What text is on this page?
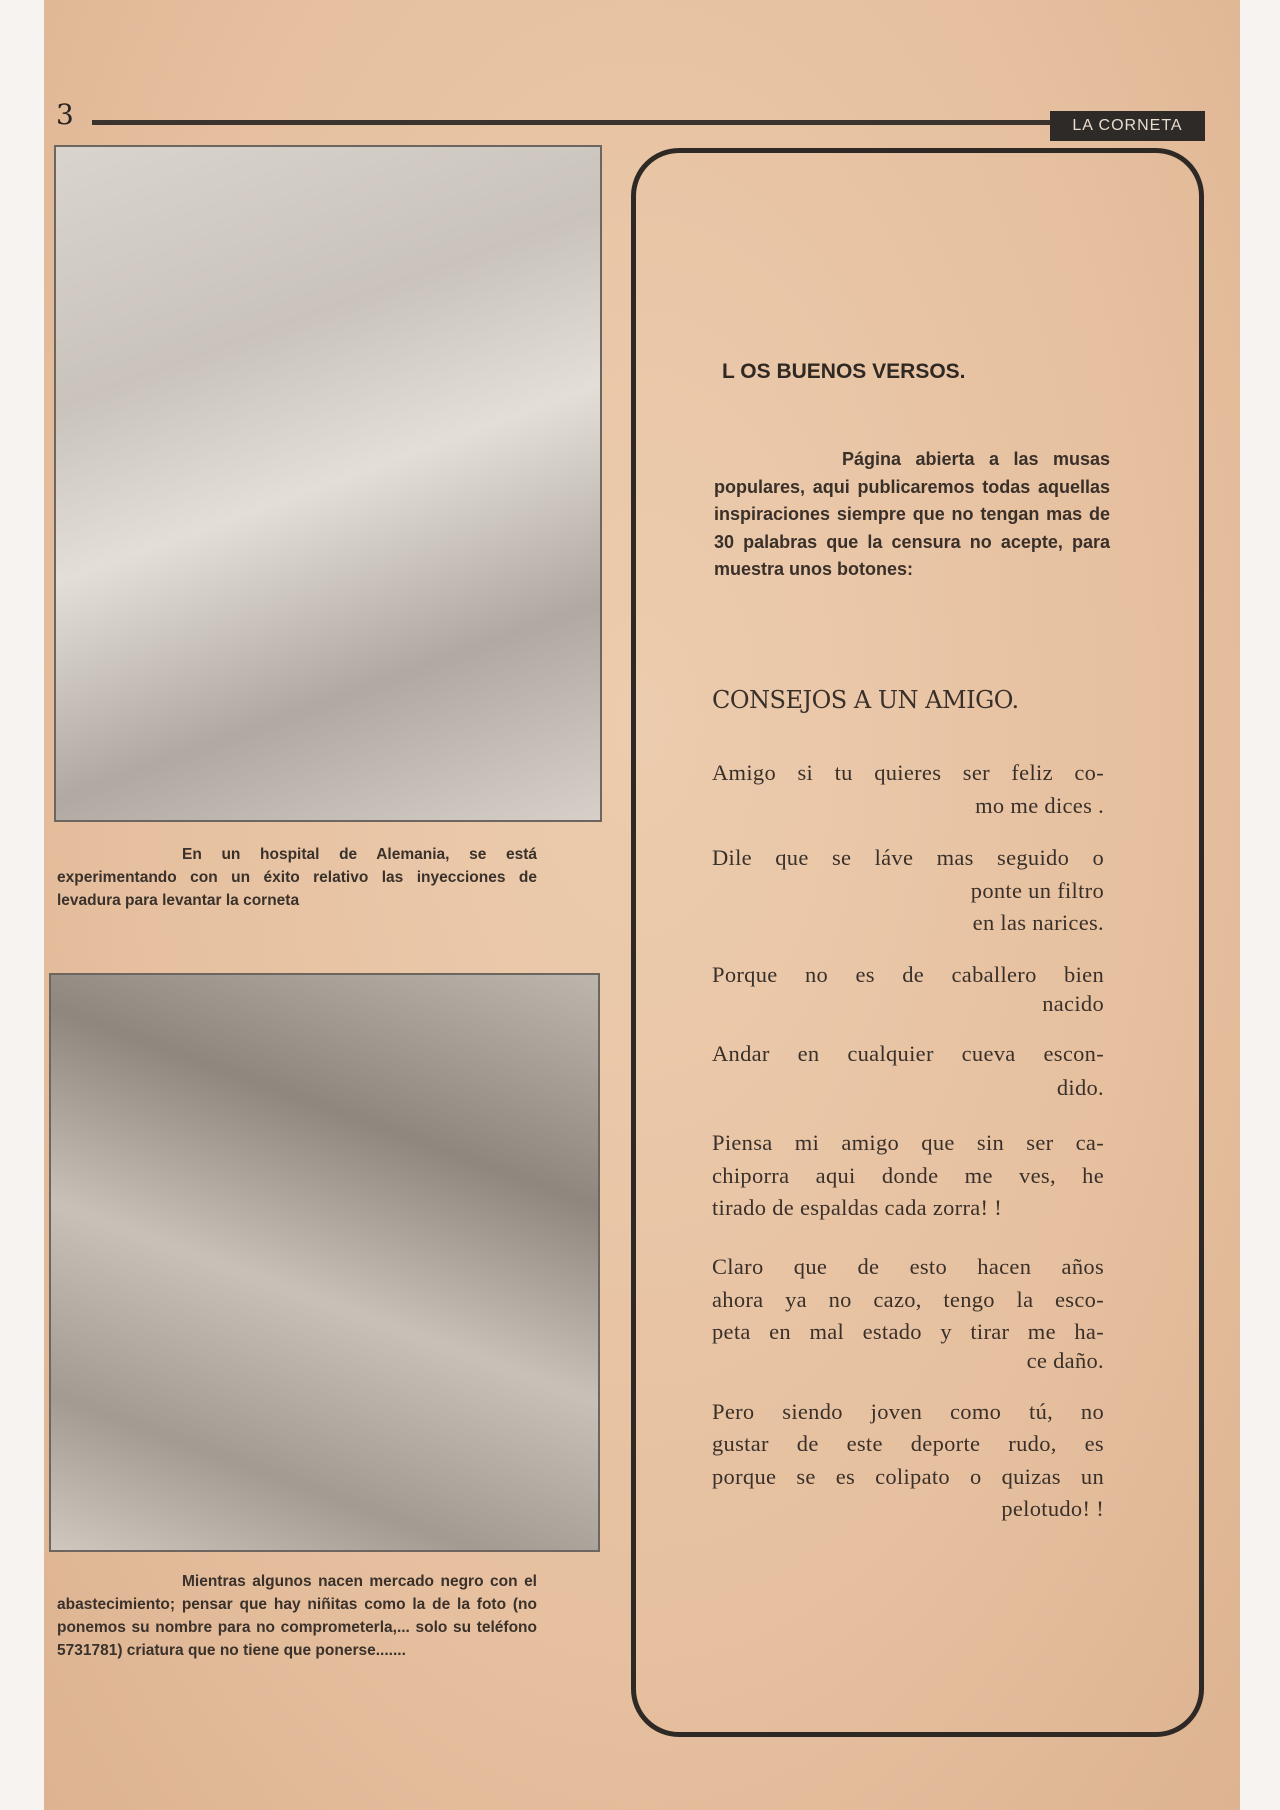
3	LA CORNETA
En un hospital de Alemania, se está experimentando con un éxito relativo las inyecciones de levadura para levantar la corneta
Mientras algunos nacen mercado negro con el abastecimiento; pensar que hay niñitas como la de la foto (no ponemos su nombre para no comprometerla,... solo su teléfono 5731781) criatura que no tiene que ponerse.......
L OS BUENOS VERSOS.
Página abierta a las musas populares, aqui publicaremos todas aquellas inspiraciones siempre que no tengan mas de 30 palabras que la censura no acepte, para muestra unos botones:
CONSEJOS A UN AMIGO.
Amigo si tu quieres ser feliz co-
mo me dices .
Dile que se láve mas seguido o
ponte un filtro
en las narices.
Porque no es de caballero bien
nacido
Andar en cualquier cueva escon-
dido.
Piensa mi amigo que sin ser ca-
chiporra aqui donde me ves, he
tirado de espaldas cada zorra! !
Claro que de esto hacen años
ahora ya no cazo, tengo la esco-
peta en mal estado y tirar me ha-
ce daño.
Pero siendo joven como tú, no
gustar de este deporte rudo, es
porque se es colipato o quizas un
pelotudo! !
